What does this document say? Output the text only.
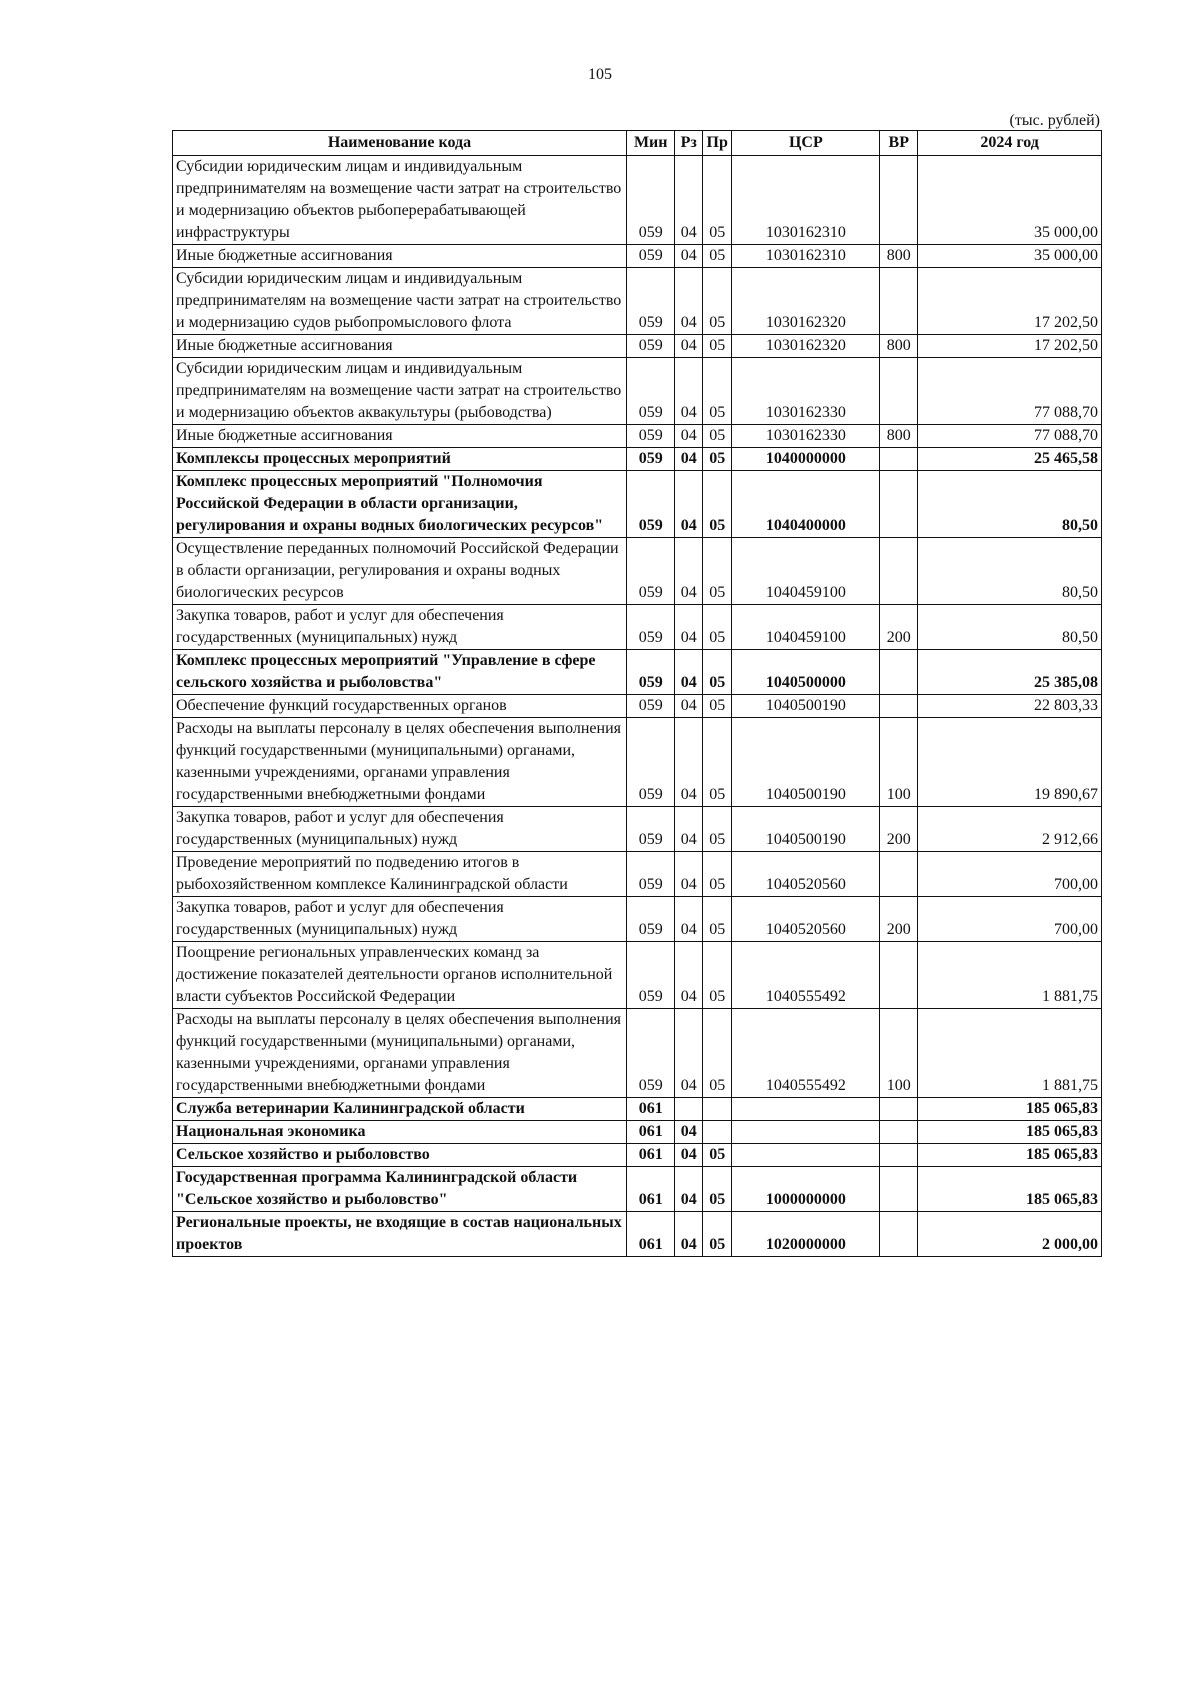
105
(тыс. рублей)
Наименование кода	Мин	Рз	Пр	ЦСР	ВР	2024 год
Субсидии юридическим лицам и индивидуальным предпринимателям на возмещение части затрат на строительство и модернизацию объектов рыбоперерабатывающей инфраструктуры	059	04	05	1030162310		35 000,00
Иные бюджетные ассигнования	059	04	05	1030162310	800	35 000,00
Субсидии юридическим лицам и индивидуальным предпринимателям на возмещение части затрат на строительство и модернизацию судов рыбопромыслового флота	059	04	05	1030162320		17 202,50
Иные бюджетные ассигнования	059	04	05	1030162320	800	17 202,50
Субсидии юридическим лицам и индивидуальным предпринимателям на возмещение части затрат на строительство и модернизацию объектов аквакультуры (рыбоводства)	059	04	05	1030162330		77 088,70
Иные бюджетные ассигнования	059	04	05	1030162330	800	77 088,70
Комплексы процессных мероприятий	059	04	05	1040000000		25 465,58
Комплекс процессных мероприятий "Полномочия Российской Федерации в области организации, регулирования и охраны водных биологических ресурсов"	059	04	05	1040400000		80,50
Осуществление переданных полномочий Российской Федерации в области организации, регулирования и охраны водных биологических ресурсов	059	04	05	1040459100		80,50
Закупка товаров, работ и услуг для обеспечения государственных (муниципальных) нужд	059	04	05	1040459100	200	80,50
Комплекс процессных мероприятий "Управление в сфере сельского хозяйства и рыболовства"	059	04	05	1040500000		25 385,08
Обеспечение функций государственных органов	059	04	05	1040500190		22 803,33
Расходы на выплаты персоналу в целях обеспечения выполнения функций государственными (муниципальными) органами, казенными учреждениями, органами управления государственными внебюджетными фондами	059	04	05	1040500190	100	19 890,67
Закупка товаров, работ и услуг для обеспечения государственных (муниципальных) нужд	059	04	05	1040500190	200	2 912,66
Проведение мероприятий по подведению итогов в рыбохозяйственном комплексе Калининградской области	059	04	05	1040520560		700,00
Закупка товаров, работ и услуг для обеспечения государственных (муниципальных) нужд	059	04	05	1040520560	200	700,00
Поощрение региональных управленческих команд за достижение показателей деятельности органов исполнительной власти субъектов Российской Федерации	059	04	05	1040555492		1 881,75
Расходы на выплаты персоналу в целях обеспечения выполнения функций государственными (муниципальными) органами, казенными учреждениями, органами управления государственными внебюджетными фондами	059	04	05	1040555492	100	1 881,75
Служба ветеринарии Калининградской области	061					185 065,83
Национальная экономика	061	04				185 065,83
Сельское хозяйство и рыболовство	061	04	05			185 065,83
Государственная программа Калининградской области "Сельское хозяйство и рыболовство"	061	04	05	1000000000		185 065,83
Региональные проекты, не входящие в состав национальных проектов	061	04	05	1020000000		2 000,00
